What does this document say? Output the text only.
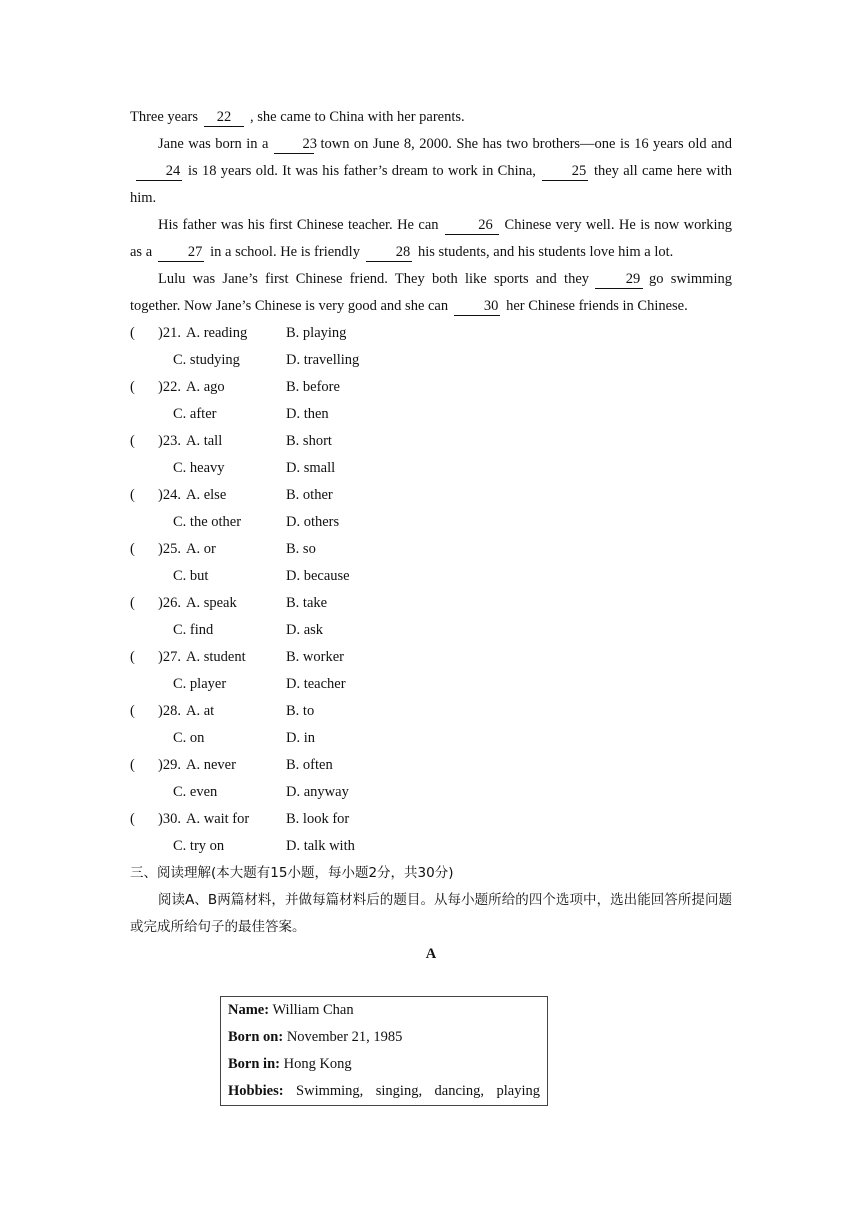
Three years 22 , she came to China with her parents.
Jane was born in a 23 town on June 8, 2000. She has two brothers—one is 16 years old and24 is 18 years old. It was his father’s dream to work in China, 25 they all came here with him.
His father was his first Chinese teacher. He can	26 Chinese very well. He is now working as a 27 in a school. He is friendly 28 his students, and his students love him a lot.
Lulu was Jane’s first Chinese friend. They both like sports and they	29 go swimming together. Now Jane’s Chinese is very good and she can 30 her Chinese friends in Chinese.
( )21. A. reading	B. playing
C. studying	D. travelling
( )22. A. ago	B. before
C. after	D. then
( )23. A. tall	B. short
C. heavy	D. small
( )24. A. else	B. other
C. the other	D. others
( )25. A. or	B. so
C. but	D. because
( )26. A. speak	B. take
C. find	D. ask
( )27. A. student	B. worker
C. player	D. teacher
( )28. A. at	B. to
C. on	D. in
( )29. A. never	B. often
C. even	D. anyway
( )30. A. wait for	B. look for
C. try on	D. talk with
三、阅读理解(本大题有15小题，每小题2分，共30分)
阅读A、B两篇材料，并做每篇材料后的题目。从每小题所给的四个选项中，选出能回答所提问题或完成所给句子的最佳答案。
A
Name: William Chan
Born on: November 21, 1985
Born in: Hong Kong
Hobbies: Swimming, singing, dancing, playing
